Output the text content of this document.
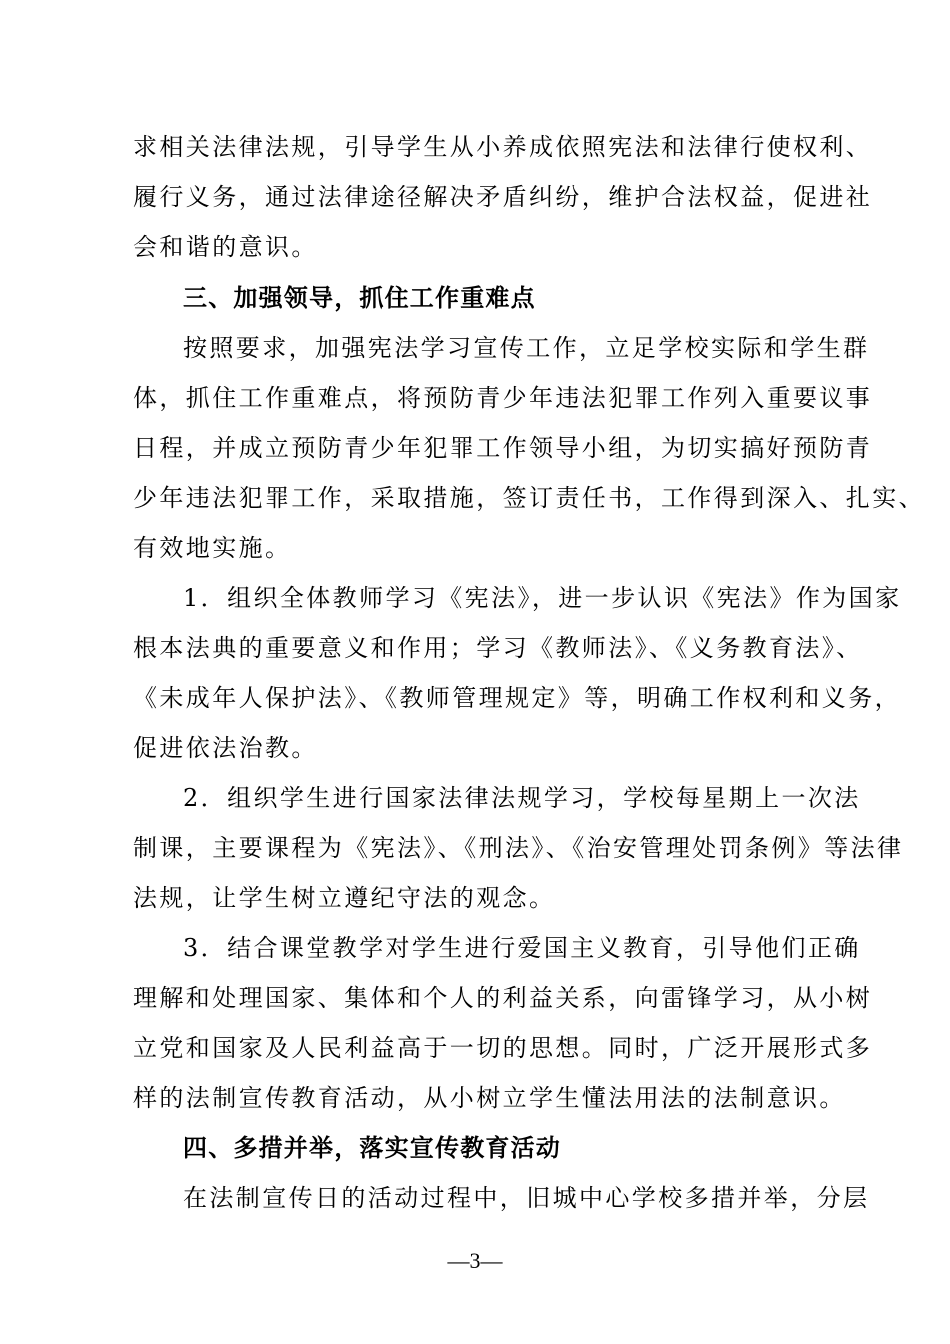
求相关法律法规，引导学生从小养成依照宪法和法律行使权利、
履行义务，通过法律途径解决矛盾纠纷，维护合法权益，促进社
会和谐的意识。
三、加强领导，抓住工作重难点
按照要求，加强宪法学习宣传工作，立足学校实际和学生群
体，抓住工作重难点，将预防青少年违法犯罪工作列入重要议事
日程，并成立预防青少年犯罪工作领导小组，为切实搞好预防青
少年违法犯罪工作，采取措施，签订责任书，工作得到深入、扎实、
有效地实施。
1．组织全体教师学习《宪法》，进一步认识《宪法》作为国家
根本法典的重要意义和作用；学习《教师法》、《义务教育法》、
《未成年人保护法》、《教师管理规定》等，明确工作权利和义务，
促进依法治教。
2．组织学生进行国家法律法规学习，学校每星期上一次法
制课，主要课程为《宪法》、《刑法》、《治安管理处罚条例》等法律
法规，让学生树立遵纪守法的观念。
3．结合课堂教学对学生进行爱国主义教育，引导他们正确
理解和处理国家、集体和个人的利益关系，向雷锋学习，从小树
立党和国家及人民利益高于一切的思想。同时，广泛开展形式多
样的法制宣传教育活动，从小树立学生懂法用法的法制意识。
四、多措并举，落实宣传教育活动
在法制宣传日的活动过程中，旧城中心学校多措并举，分层
—3—
